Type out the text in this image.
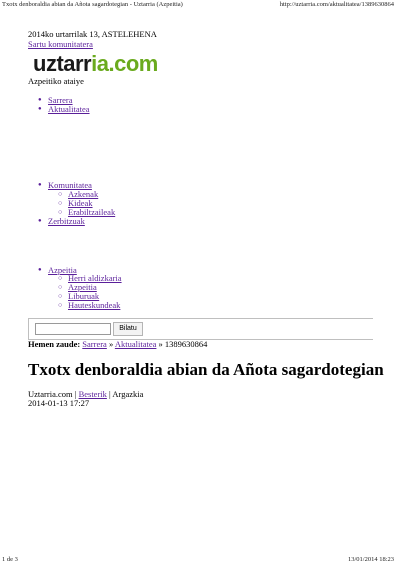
Txotx denboraldia abian da Añota sagardotegian - Uztarria (Azpeitia)	http://uztarria.com/aktualitatea/1389630864
2014ko urtarrilak 13, ASTELEHENA
Sartu komunitatera
uztarria.com
Azpeitiko ataiye
● Sarrera
● Aktualitatea
● Komunitatea
○ Azkenak
○ Kideak
○ Erabiltzaileak
● Zerbitzuak
● Azpeitia
○ Herri aldizkaria
○ Azpeitia
○ Liburuak
○ Hauteskundeak
Bilatu
Hemen zaude: Sarrera » Aktualitatea » 1389630864
Txotx denboraldia abian da Añota sagardotegian
Uztarria.com | Besterik | Argazkia
2014-01-13 17:27
1 de 3	13/01/2014 18:23
